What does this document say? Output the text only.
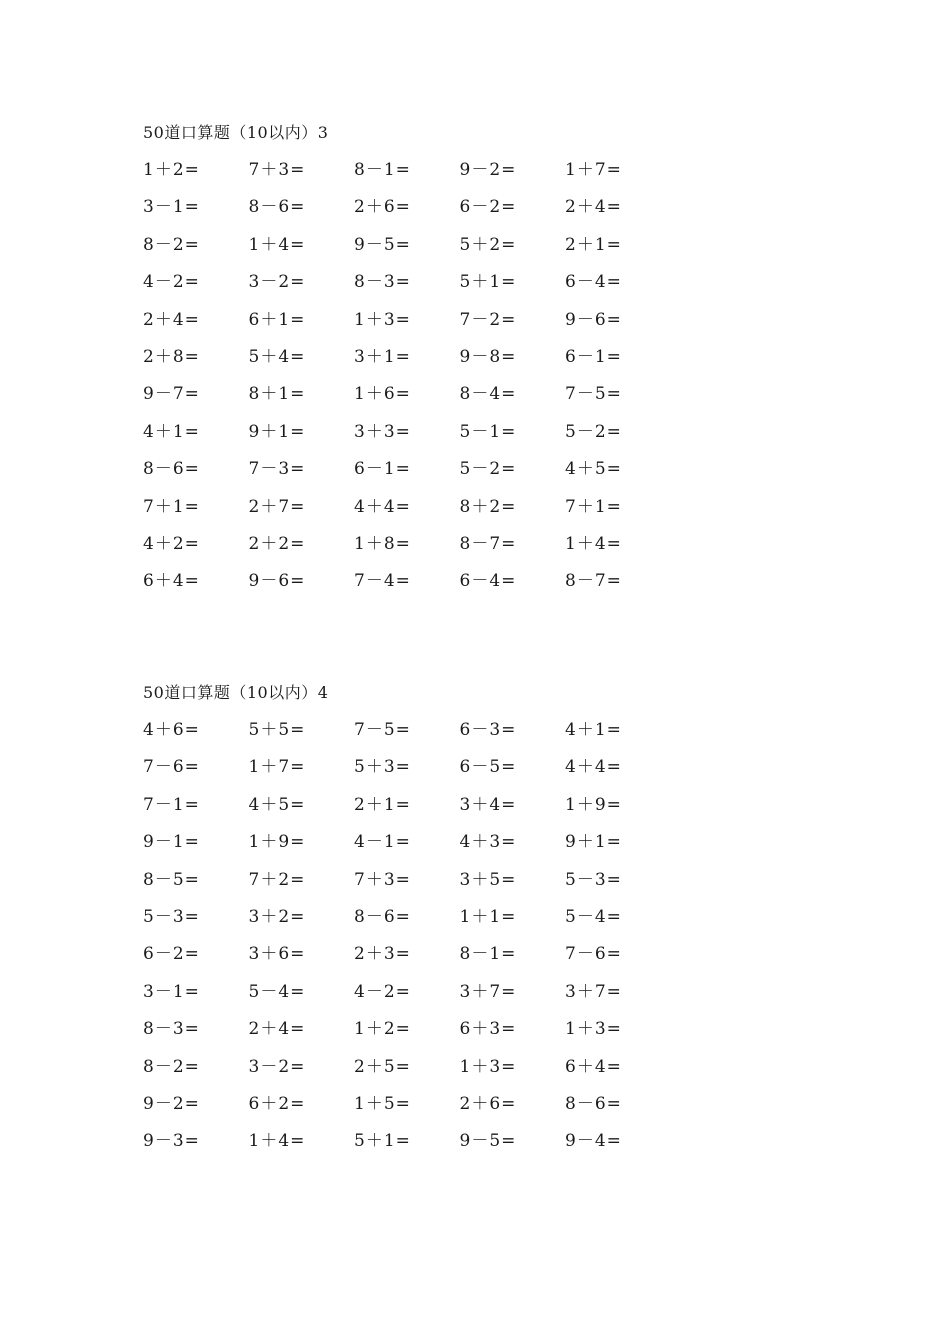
50道口算题（10以内）3
1＋2=	7＋3=	8－1=	9－2=	1＋7=
3－1=	8－6=	2＋6=	6－2=	2＋4=
8－2=	1＋4=	9－5=	5＋2=	2＋1=
4－2=	3－2=	8－3=	5＋1=	6－4=
2＋4=	6＋1=	1＋3=	7－2=	9－6=
2＋8=	5＋4=	3＋1=	9－8=	6－1=
9－7=	8＋1=	1＋6=	8－4=	7－5=
4＋1=	9＋1=	3＋3=	5－1=	5－2=
8－6=	7－3=	6－1=	5－2=	4＋5=
7＋1=	2＋7=	4＋4=	8＋2=	7＋1=
4＋2=	2＋2=	1＋8=	8－7=	1＋4=
6＋4=	9－6=	7－4=	6－4=	8－7=
50道口算题（10以内）4
4＋6=	5＋5=	7－5=	6－3=	4＋1=
7－6=	1＋7=	5＋3=	6－5=	4＋4=
7－1=	4＋5=	2＋1=	3＋4=	1＋9=
9－1=	1＋9=	4－1=	4＋3=	9＋1=
8－5=	7＋2=	7＋3=	3＋5=	5－3=
5－3=	3＋2=	8－6=	1＋1=	5－4=
6－2=	3＋6=	2＋3=	8－1=	7－6=
3－1=	5－4=	4－2=	3＋7=	3＋7=
8－3=	2＋4=	1＋2=	6＋3=	1＋3=
8－2=	3－2=	2＋5=	1＋3=	6＋4=
9－2=	6＋2=	1＋5=	2＋6=	8－6=
9－3=	1＋4=	5＋1=	9－5=	9－4=
